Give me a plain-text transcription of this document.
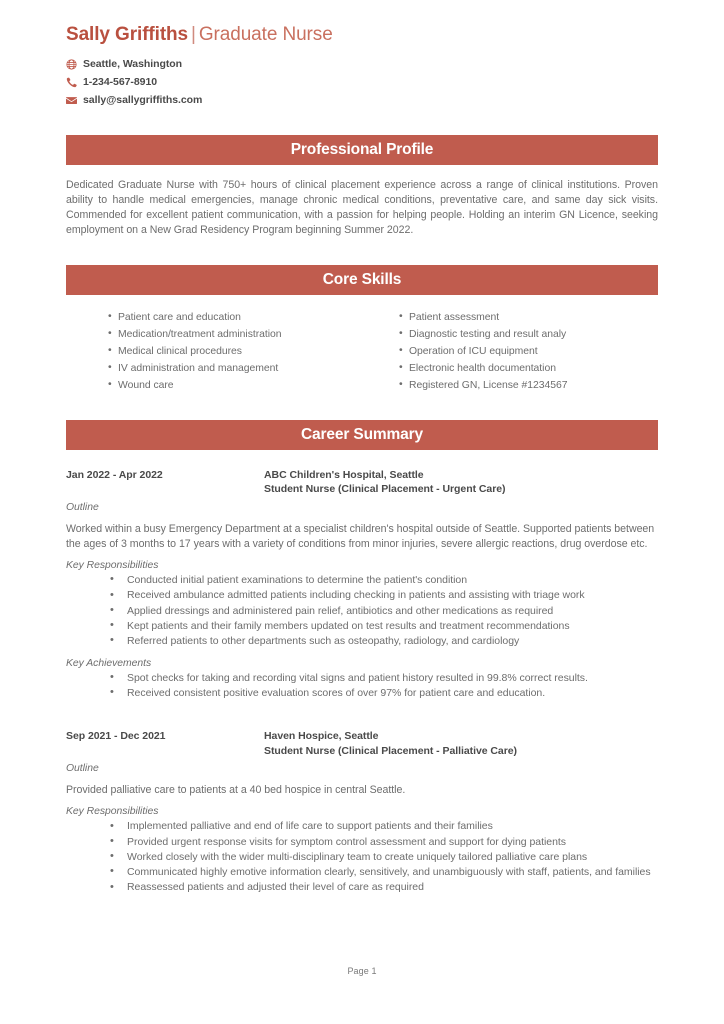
Sally Griffiths | Graduate Nurse
Seattle, Washington
1-234-567-8910
sally@sallygriffiths.com
Professional Profile
Dedicated Graduate Nurse with 750+ hours of clinical placement experience across a range of clinical institutions. Proven ability to handle medical emergencies, manage chronic medical conditions, preventative care, and same day sick visits. Commended for excellent patient communication, with a passion for helping people. Holding an interim GN Licence, seeking employment on a New Grad Residency Program beginning Summer 2022.
Core Skills
• Patient care and education
• Medication/treatment administration
• Medical clinical procedures
• IV administration and management
• Wound care
• Patient assessment
• Diagnostic testing and result analy
• Operation of ICU equipment
• Electronic health documentation
• Registered GN, License #1234567
Career Summary
Jan 2022 - Apr 2022	ABC Children's Hospital, Seattle
Student Nurse (Clinical Placement - Urgent Care)
Outline
Worked within a busy Emergency Department at a specialist children's hospital outside of Seattle. Supported patients between the ages of 3 months to 17 years with a variety of conditions from minor injuries, severe allergic reactions, drug overdose etc.
Key Responsibilities
• Conducted initial patient examinations to determine the patient's condition
• Received ambulance admitted patients including checking in patients and assisting with triage work
• Applied dressings and administered pain relief, antibiotics and other medications as required
• Kept patients and their family members updated on test results and treatment recommendations
• Referred patients to other departments such as osteopathy, radiology, and cardiology
Key Achievements
• Spot checks for taking and recording vital signs and patient history resulted in 99.8% correct results.
• Received consistent positive evaluation scores of over 97% for patient care and education.
Sep 2021 - Dec 2021	Haven Hospice, Seattle
Student Nurse (Clinical Placement - Palliative Care)
Outline
Provided palliative care to patients at a 40 bed hospice in central Seattle.
Key Responsibilities
• Implemented palliative and end of life care to support patients and their families
• Provided urgent response visits for symptom control assessment and support for dying patients
• Worked closely with the wider multi-disciplinary team to create uniquely tailored palliative care plans
• Communicated highly emotive information clearly, sensitively, and unambiguously with staff, patients, and families
• Reassessed patients and adjusted their level of care as required
Page 1
